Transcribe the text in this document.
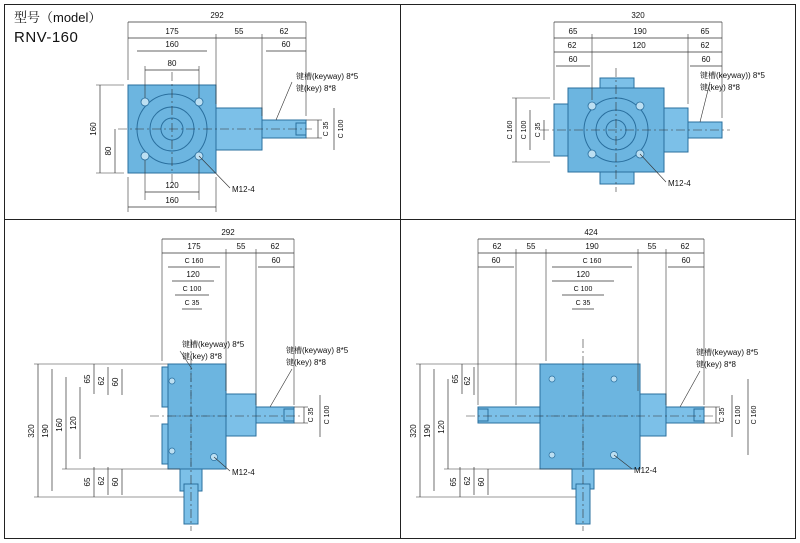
型号（model）
RNV-160
292
175	55	62
160	60
80
160
80
120
160
C 35 C 100
键槽(keyway) 8*5
键(key) 8*8
M12-4
320
65	190	65
62	120	62
60	60
C 160 C 100 C 35
键槽(keyway)) 8*5
键(key) 8*8
M12-4
292
175	55	62
C 160	60
120
C 100
C 35
320 190 160 120
65 62 60
65 62 60
C 35 C 100
键槽(keyway) 8*5
键(key) 8*8
键槽(keyway) 8*5
键(key) 8*8
M12-4
424
62	55	190	55	62
60	C 160	60
120
C 100
C 35
320 190 120
65 62
65 62 60
C 35 C 100 C 160
键槽(keyway) 8*5
键(key) 8*8
M12-4
